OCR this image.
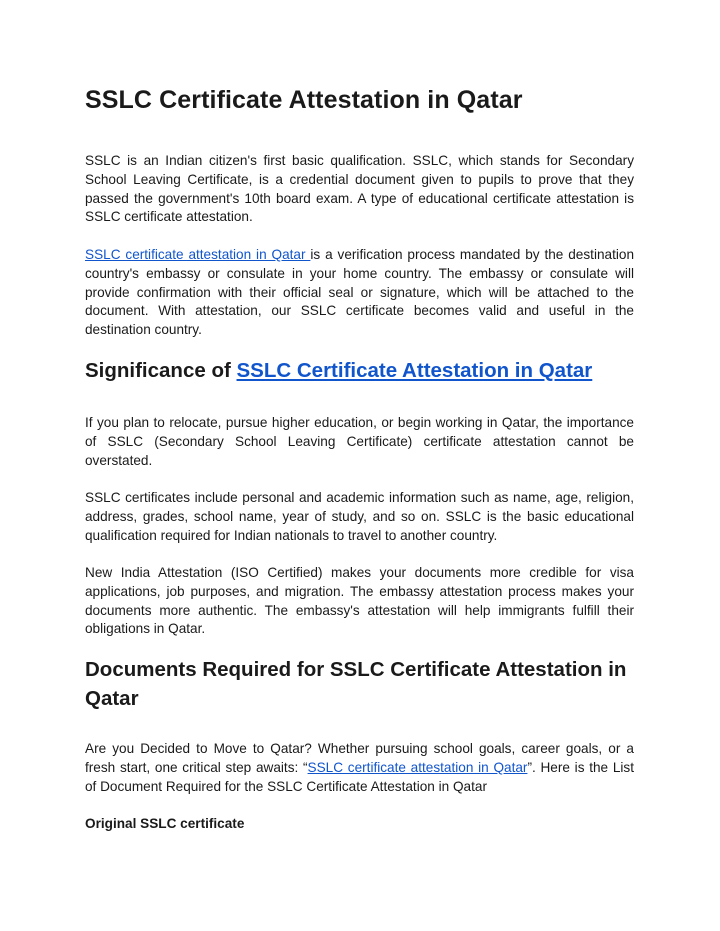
SSLC Certificate Attestation in Qatar

SSLC is an Indian citizen's first basic qualification. SSLC, which stands for Secondary School Leaving Certificate, is a credential document given to pupils to prove that they passed the government's 10th board exam. A type of educational certificate attestation is SSLC certificate attestation.

SSLC certificate attestation in Qatar is a verification process mandated by the destination country's embassy or consulate in your home country. The embassy or consulate will provide confirmation with their official seal or signature, which will be attached to the document. With attestation, our SSLC certificate becomes valid and useful in the destination country.

Significance of SSLC Certificate Attestation in Qatar

If you plan to relocate, pursue higher education, or begin working in Qatar, the importance of SSLC (Secondary School Leaving Certificate) certificate attestation cannot be overstated.

SSLC certificates include personal and academic information such as name, age, religion, address, grades, school name, year of study, and so on. SSLC is the basic educational qualification required for Indian nationals to travel to another country.

New India Attestation (ISO Certified) makes your documents more credible for visa applications, job purposes, and migration. The embassy attestation process makes your documents more authentic. The embassy's attestation will help immigrants fulfill their obligations in Qatar.

Documents Required for SSLC Certificate Attestation in Qatar

Are you Decided to Move to Qatar? Whether pursuing school goals, career goals, or a fresh start, one critical step awaits: “SSLC certificate attestation in Qatar”. Here is the List of Document Required for the SSLC Certificate Attestation in Qatar

Original SSLC certificate
